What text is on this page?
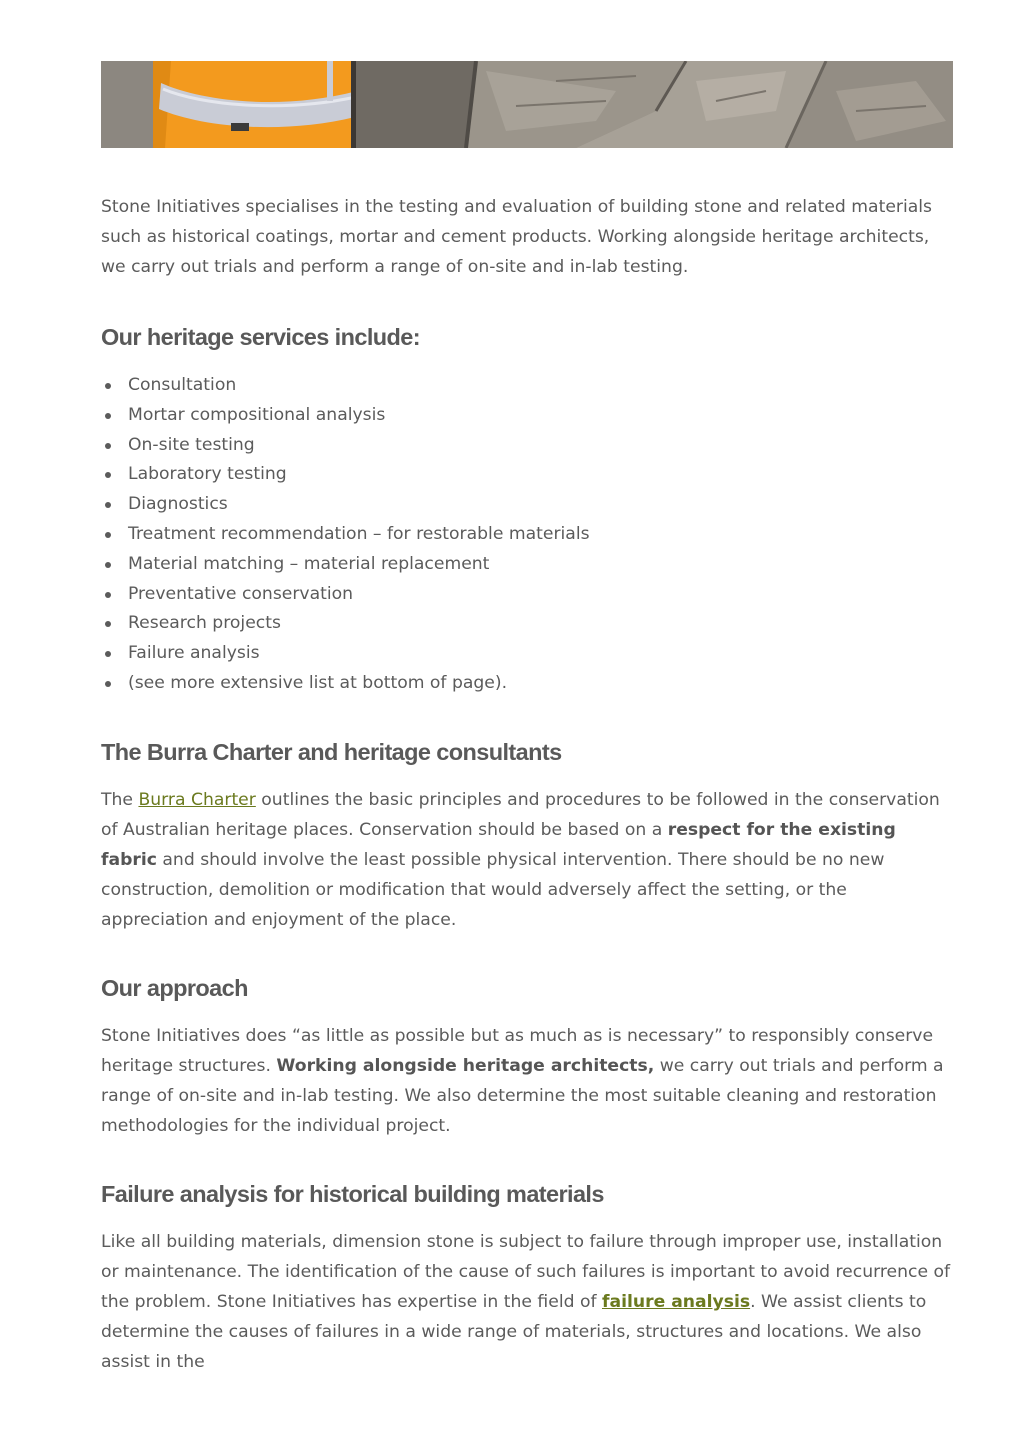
Stone Initiatives specialises in the testing and evaluation of building stone and related materials such as historical coatings, mortar and cement products. Working alongside heritage architects, we carry out trials and perform a range of on-site and in-lab testing.

Our heritage services include:
Consultation
Mortar compositional analysis
On-site testing
Laboratory testing
Diagnostics
Treatment recommendation – for restorable materials
Material matching – material replacement
Preventative conservation
Research projects
Failure analysis
(see more extensive list at bottom of page).
The Burra Charter and heritage consultants

The Burra Charter outlines the basic principles and procedures to be followed in the conservation of Australian heritage places. Conservation should be based on a respect for the existing fabric and should involve the least possible physical intervention. There should be no new construction, demolition or modification that would adversely affect the setting, or the appreciation and enjoyment of the place.

Our approach

Stone Initiatives does “as little as possible but as much as is necessary” to responsibly conserve heritage structures. Working alongside heritage architects, we carry out trials and perform a range of on-site and in-lab testing. We also determine the most suitable cleaning and restoration methodologies for the individual project.

Failure analysis for historical building materials

Like all building materials, dimension stone is subject to failure through improper use, installation or maintenance. The identification of the cause of such failures is important to avoid recurrence of the problem. Stone Initiatives has expertise in the field of failure analysis. We assist clients to determine the causes of failures in a wide range of materials, structures and locations. We also assist in the
